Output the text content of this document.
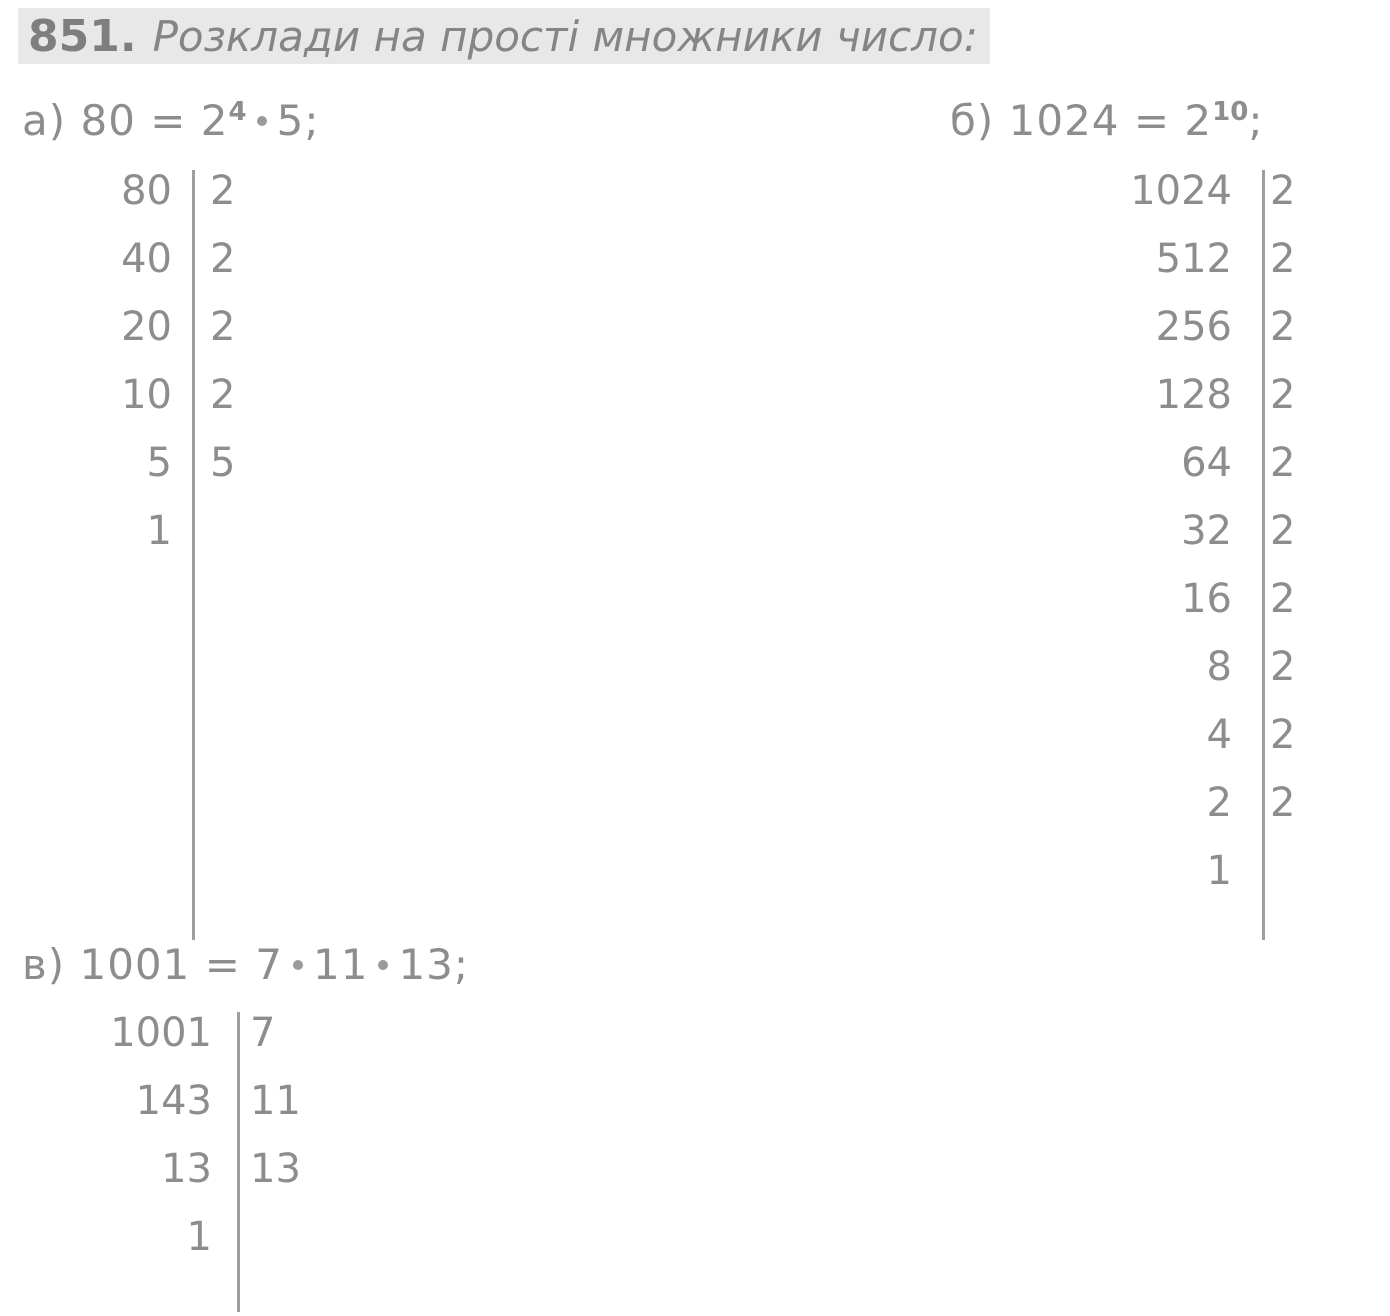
851. Розклади на прості множники число:
а) $80 = 2^4$ 5;	б) $1024 = 2^{10}$;
в) 1001 = 7 11 13;
80 2
40 2
20 2
10 2
5 5
1
1024 2
512 2
256 2
128 2
64 2
32 2
16 2
8 2
4 2
2 2
1
1001 7
143 11
13 13
1
